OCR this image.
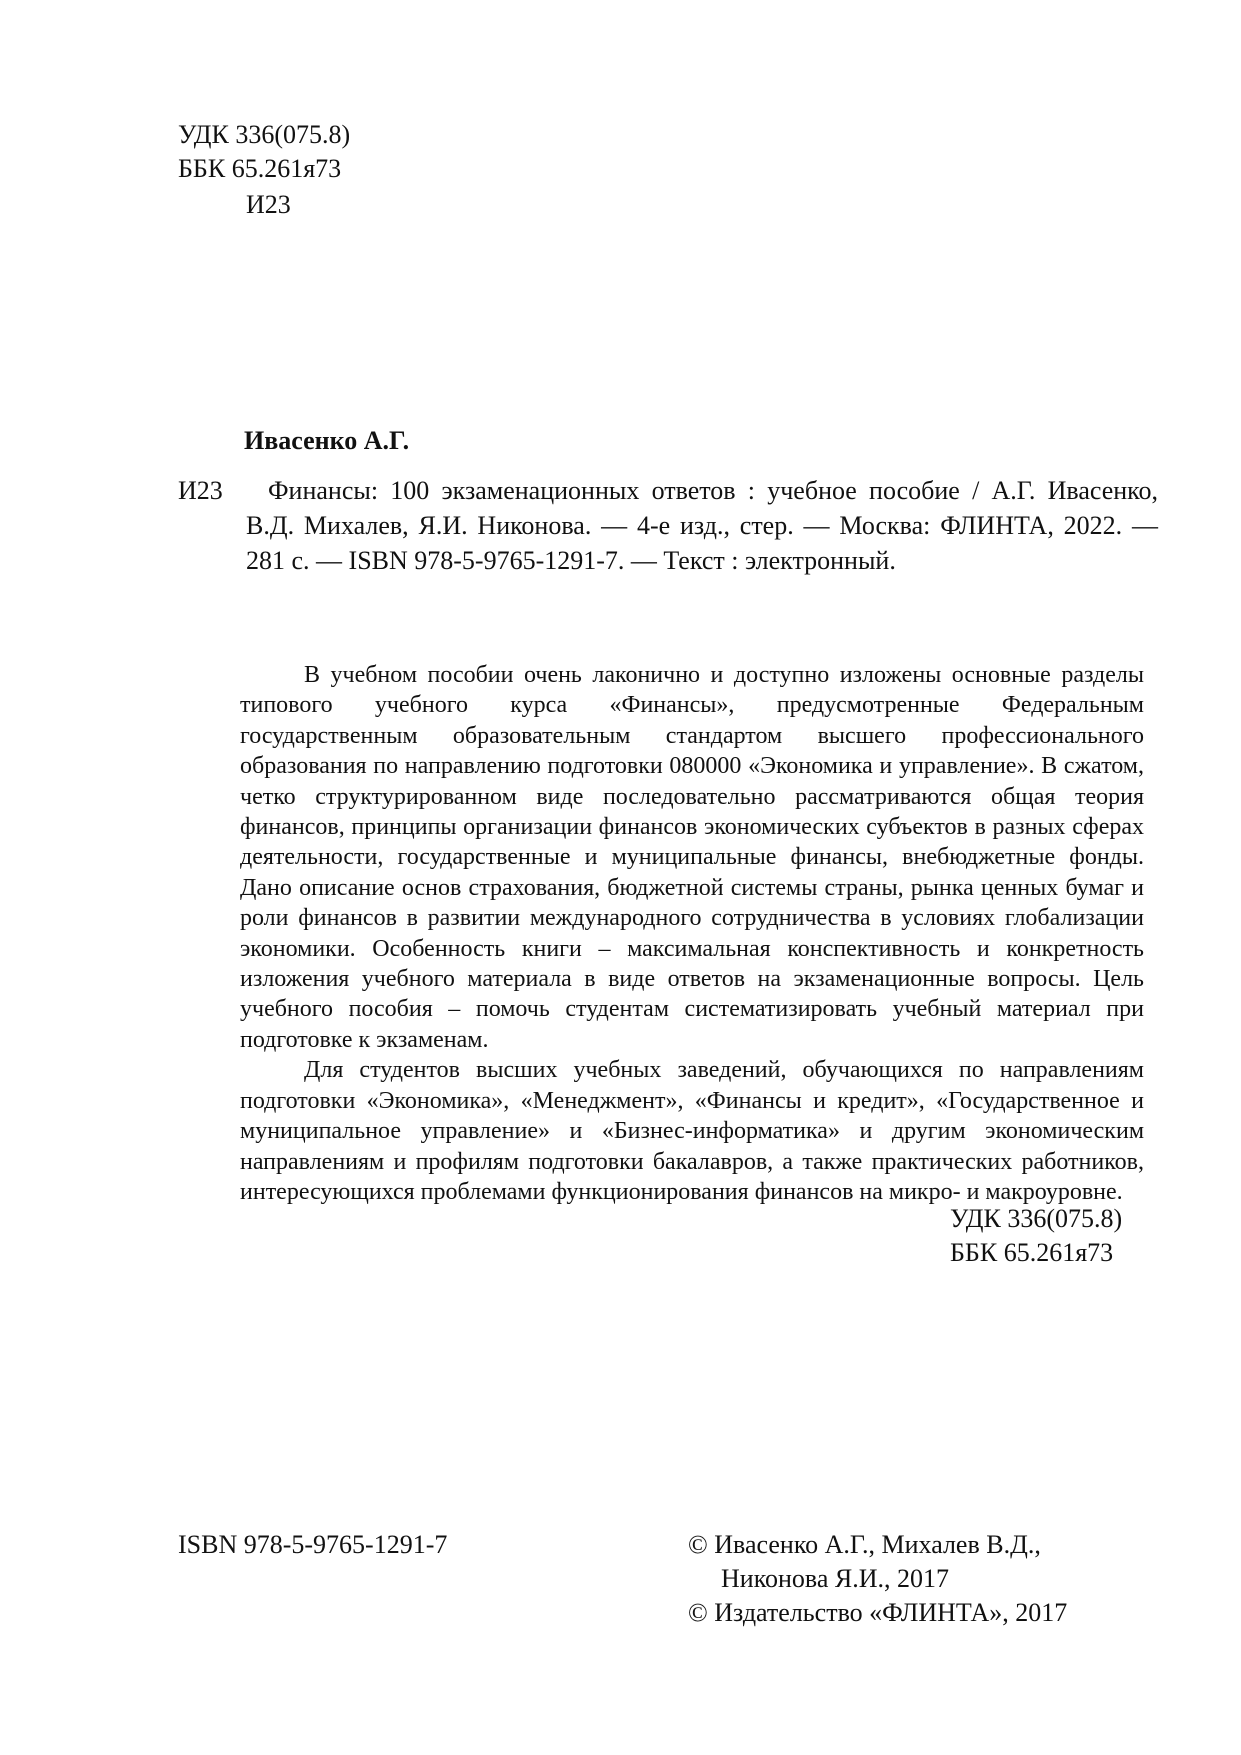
УДК 336(075.8)
ББК 65.261я73
И23
Ивасенко А.Г.
И23	Финансы: 100 экзаменационных ответов : учебное пособие / А.Г. Ивасенко, В.Д. Михалев, Я.И. Никонова. — 4-е изд., стер. — Москва: ФЛИНТА, 2022. — 281 с. — ISBN 978-5-9765-1291-7. — Текст : электронный.

В учебном пособии очень лаконично и доступно изложены основные разделы типового учебного курса «Финансы», предусмотренные Федеральным государственным образовательным стандартом высшего профессионального образования по направлению подготовки 080000 «Экономика и управление». В сжатом, четко структурированном виде последовательно рассматриваются общая теория финансов, принципы организации финансов экономических субъектов в разных сферах деятельности, государственные и муниципальные финансы, внебюджетные фонды. Дано описание основ страхования, бюджетной системы страны, рынка ценных бумаг и роли финансов в развитии международного сотрудничества в условиях глобализации экономики. Особенность книги – максимальная конспективность и конкретность изложения учебного материала в виде ответов на экзаменационные вопросы. Цель учебного пособия – помочь студентам систематизировать учебный материал при подготовке к экзаменам.

Для студентов высших учебных заведений, обучающихся по направлениям подготовки «Экономика», «Менеджмент», «Финансы и кредит», «Государственное и муниципальное управление» и «Бизнес-информатика» и другим экономическим направлениям и профилям подготовки бакалавров, а также практических работников, интересующихся проблемами функционирования финансов на микро- и макроуровне.

УДК 336(075.8)
ББК 65.261я73
ISBN 978-5-9765-1291-7	© Ивасенко А.Г., Михалев В.Д.,
Никонова Я.И., 2017
© Издательство «ФЛИНТА», 2017
